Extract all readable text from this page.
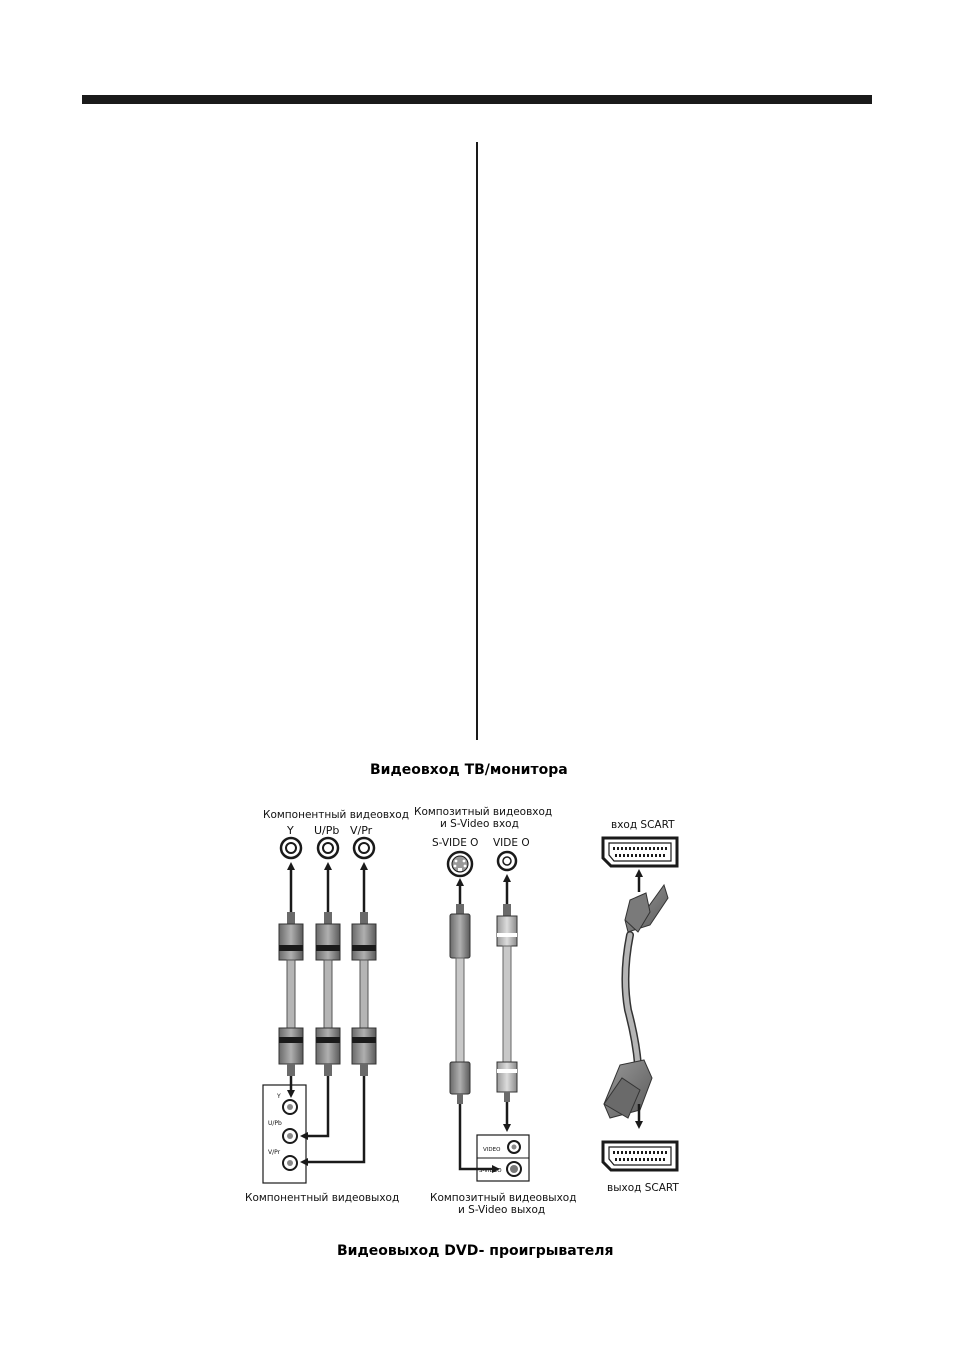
Видеовход ТВ/монитора
Видеовыход DVD- проигрывателя
Компонентный видеовход
Y U/Pb V/Pr
Y
U/Pb
V/Pr
Компонентный видеовыход
Композитный видеовход
и S-Video вход
S-VIDE O VIDE O
VIDEO
S-VIDEO
Композитный видеовыход
и S-Video выход
вход SCART
выход SCART
